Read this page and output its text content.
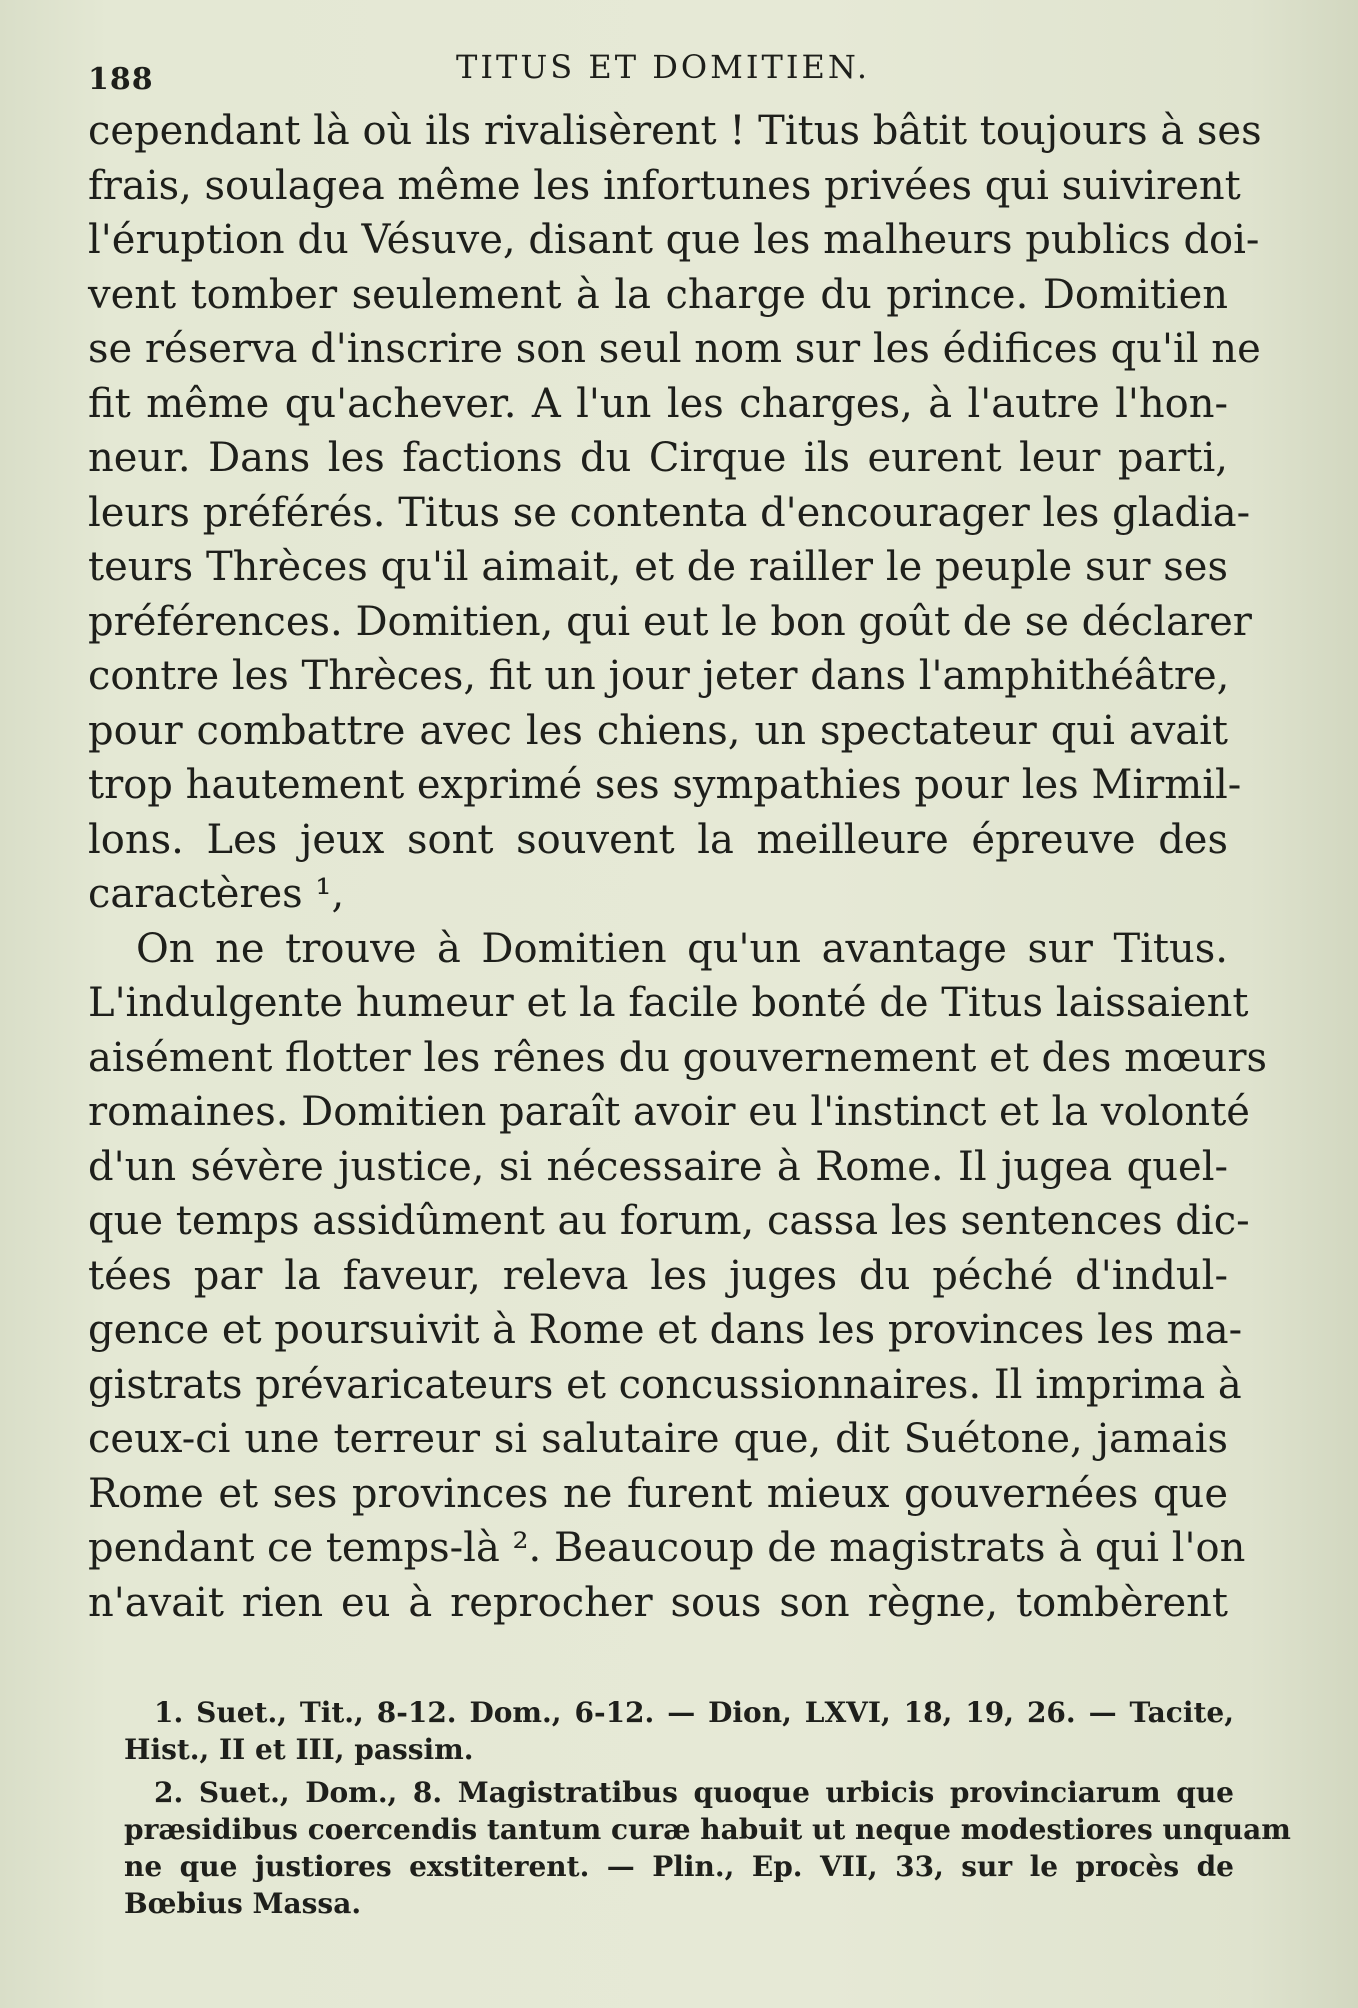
188	TITUS ET DOMITIEN.
cependant là où ils rivalisèrent ! Titus bâtit toujours à ses
frais, soulagea même les infortunes privées qui suivirent
l'éruption du Vésuve, disant que les malheurs publics doi-
vent tomber seulement à la charge du prince. Domitien
se réserva d'inscrire son seul nom sur les édifices qu'il ne
fit même qu'achever. A l'un les charges, à l'autre l'hon-
neur. Dans les factions du Cirque ils eurent leur parti,
leurs préférés. Titus se contenta d'encourager les gladia-
teurs Thrèces qu'il aimait, et de railler le peuple sur ses
préférences. Domitien, qui eut le bon goût de se déclarer
contre les Thrèces, fit un jour jeter dans l'amphithéâtre,
pour combattre avec les chiens, un spectateur qui avait
trop hautement exprimé ses sympathies pour les Mirmil-
lons. Les jeux sont souvent la meilleure épreuve des
caractères ¹,
On ne trouve à Domitien qu'un avantage sur Titus.
L'indulgente humeur et la facile bonté de Titus laissaient
aisément flotter les rênes du gouvernement et des mœurs
romaines. Domitien paraît avoir eu l'instinct et la volonté
d'un sévère justice, si nécessaire à Rome. Il jugea quel-
que temps assidûment au forum, cassa les sentences dic-
tées par la faveur, releva les juges du péché d'indul-
gence et poursuivit à Rome et dans les provinces les ma-
gistrats prévaricateurs et concussionnaires. Il imprima à
ceux-ci une terreur si salutaire que, dit Suétone, jamais
Rome et ses provinces ne furent mieux gouvernées que
pendant ce temps-là ². Beaucoup de magistrats à qui l'on
n'avait rien eu à reprocher sous son règne, tombèrent
1. Suet., Tit., 8-12. Dom., 6-12. — Dion, LXVI, 18, 19, 26. — Tacite,
Hist., II et III, passim.
2. Suet., Dom., 8. Magistratibus quoque urbicis provinciarum que
præsidibus coercendis tantum curæ habuit ut neque modestiores unquam
ne que justiores exstiterent. — Plin., Ep. VII, 33, sur le procès de
Bœbius Massa.
